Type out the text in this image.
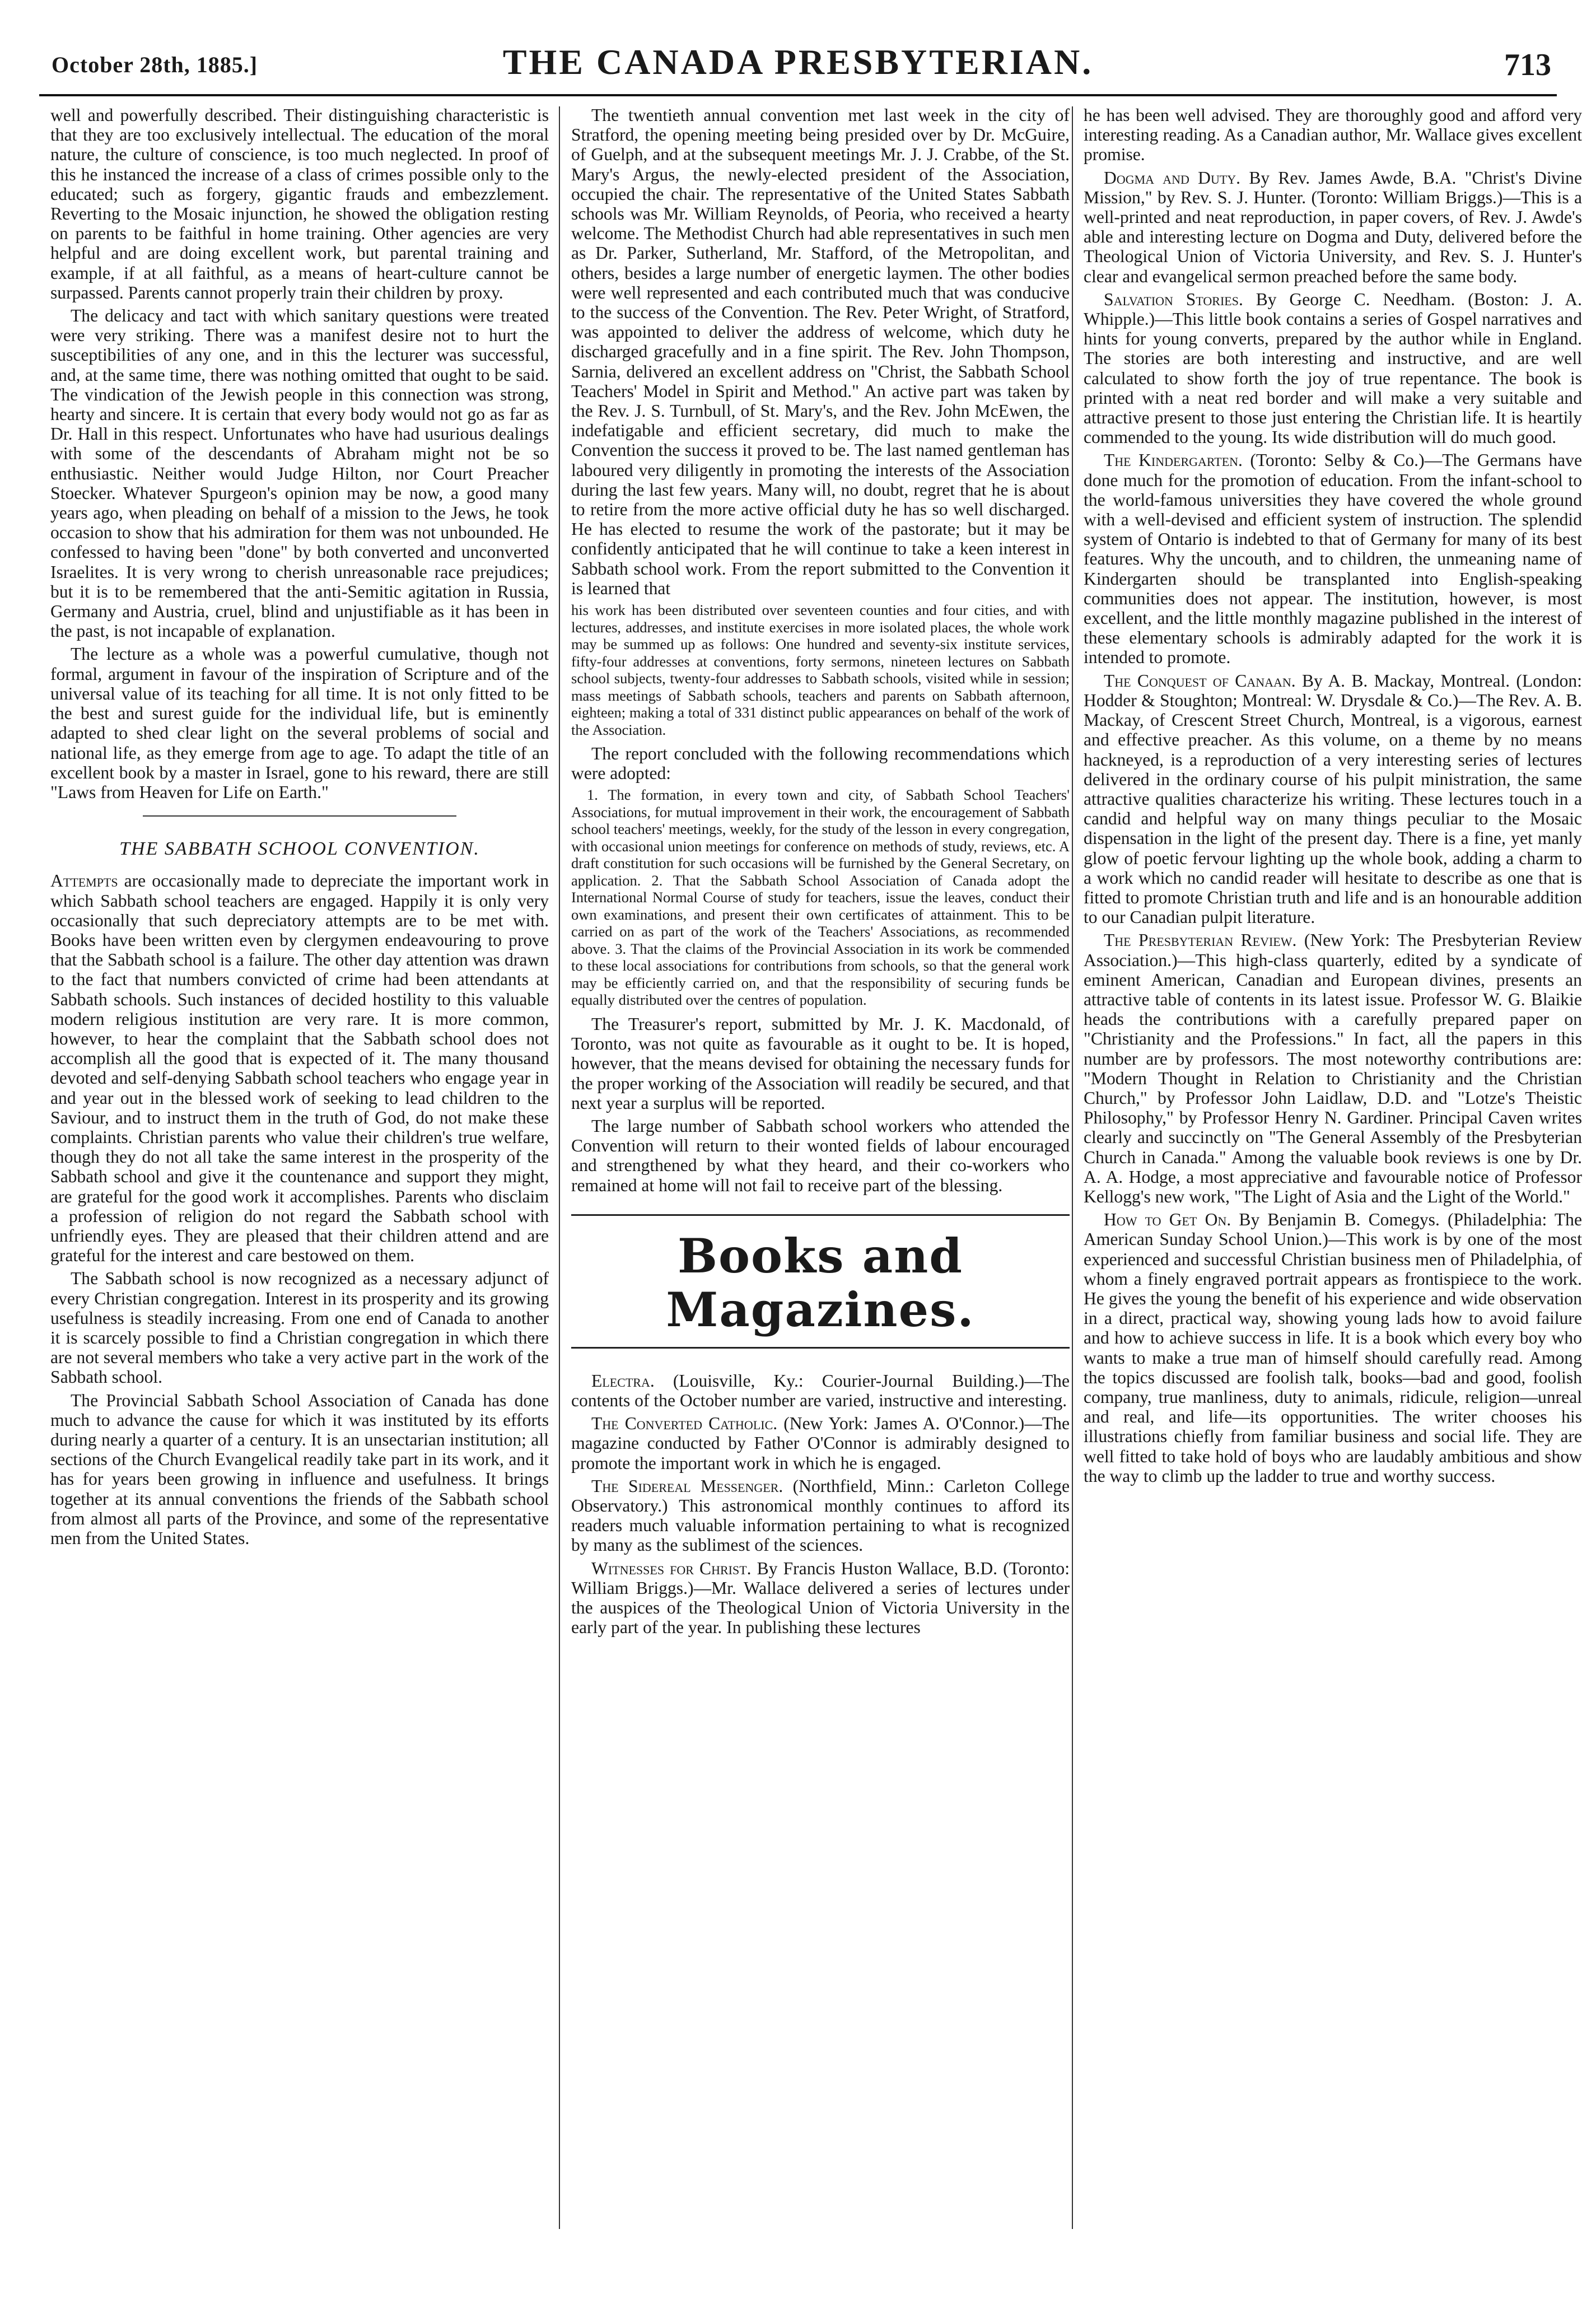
October 28th, 1885.]	THE CANADA PRESBYTERIAN.	713

well and powerfully described. Their distinguishing characteristic is that they are too exclusively intellectual. The education of the moral nature, the culture of conscience, is too much neglected. In proof of this he instanced the increase of a class of crimes possible only to the educated; such as forgery, gigantic frauds and embezzlement. Reverting to the Mosaic injunction, he showed the obligation resting on parents to be faithful in home training. Other agencies are very helpful and are doing excellent work, but parental training and example, if at all faithful, as a means of heart-culture cannot be surpassed. Parents cannot properly train their children by proxy.

The delicacy and tact with which sanitary questions were treated were very striking. There was a manifest desire not to hurt the susceptibilities of any one, and in this the lecturer was successful, and, at the same time, there was nothing omitted that ought to be said. The vindication of the Jewish people in this connection was strong, hearty and sincere. It is certain that every body would not go as far as Dr. Hall in this respect. Unfortunates who have had usurious dealings with some of the descendants of Abraham might not be so enthusiastic. Neither would Judge Hilton, nor Court Preacher Stoecker. Whatever Spurgeon's opinion may be now, a good many years ago, when pleading on behalf of a mission to the Jews, he took occasion to show that his admiration for them was not unbounded. He confessed to having been "done" by both converted and unconverted Israelites. It is very wrong to cherish unreasonable race prejudices; but it is to be remembered that the anti-Semitic agitation in Russia, Germany and Austria, cruel, blind and unjustifiable as it has been in the past, is not incapable of explanation.

The lecture as a whole was a powerful cumulative, though not formal, argument in favour of the inspiration of Scripture and of the universal value of its teaching for all time. It is not only fitted to be the best and surest guide for the individual life, but is eminently adapted to shed clear light on the several problems of social and national life, as they emerge from age to age. To adapt the title of an excellent book by a master in Israel, gone to his reward, there are still "Laws from Heaven for Life on Earth."

THE SABBATH SCHOOL CONVENTION.

Attempts are occasionally made to depreciate the important work in which Sabbath school teachers are engaged. Happily it is only very occasionally that such depreciatory attempts are to be met with. Books have been written even by clergymen endeavouring to prove that the Sabbath school is a failure. The other day attention was drawn to the fact that numbers convicted of crime had been attendants at Sabbath schools. Such instances of decided hostility to this valuable modern religious institution are very rare. It is more common, however, to hear the complaint that the Sabbath school does not accomplish all the good that is expected of it. The many thousand devoted and self-denying Sabbath school teachers who engage year in and year out in the blessed work of seeking to lead children to the Saviour, and to instruct them in the truth of God, do not make these complaints. Christian parents who value their children's true welfare, though they do not all take the same interest in the prosperity of the Sabbath school and give it the countenance and support they might, are grateful for the good work it accomplishes. Parents who disclaim a profession of religion do not regard the Sabbath school with unfriendly eyes. They are pleased that their children attend and are grateful for the interest and care bestowed on them.

The Sabbath school is now recognized as a necessary adjunct of every Christian congregation. Interest in its prosperity and its growing usefulness is steadily increasing. From one end of Canada to another it is scarcely possible to find a Christian congregation in which there are not several members who take a very active part in the work of the Sabbath school.

The Provincial Sabbath School Association of Canada has done much to advance the cause for which it was instituted by its efforts during nearly a quarter of a century. It is an unsectarian institution; all sections of the Church Evangelical readily take part in its work, and it has for years been growing in influence and usefulness. It brings together at its annual conventions the friends of the Sabbath school from almost all parts of the Province, and some of the representative men from the United States.

The twentieth annual convention met last week in the city of Stratford, the opening meeting being presided over by Dr. McGuire, of Guelph, and at the subsequent meetings Mr. J. J. Crabbe, of the St. Mary's Argus, the newly-elected president of the Association, occupied the chair. The representative of the United States Sabbath schools was Mr. William Reynolds, of Peoria, who received a hearty welcome. The Methodist Church had able representatives in such men as Dr. Parker, Sutherland, Mr. Stafford, of the Metropolitan, and others, besides a large number of energetic laymen. The other bodies were well represented and each contributed much that was conducive to the success of the Convention. The Rev. Peter Wright, of Stratford, was appointed to deliver the address of welcome, which duty he discharged gracefully and in a fine spirit. The Rev. John Thompson, Sarnia, delivered an excellent address on "Christ, the Sabbath School Teachers' Model in Spirit and Method." An active part was taken by the Rev. J. S. Turnbull, of St. Mary's, and the Rev. John McEwen, the indefatigable and efficient secretary, did much to make the Convention the success it proved to be. The last named gentleman has laboured very diligently in promoting the interests of the Association during the last few years. Many will, no doubt, regret that he is about to retire from the more active official duty he has so well discharged. He has elected to resume the work of the pastorate; but it may be confidently anticipated that he will continue to take a keen interest in Sabbath school work. From the report submitted to the Convention it is learned that

his work has been distributed over seventeen counties and four cities, and with lectures, addresses, and institute exercises in more isolated places, the whole work may be summed up as follows: One hundred and seventy-six institute services, fifty-four addresses at conventions, forty sermons, nineteen lectures on Sabbath school subjects, twenty-four addresses to Sabbath schools, visited while in session; mass meetings of Sabbath schools, teachers and parents on Sabbath afternoon, eighteen; making a total of 331 distinct public appearances on behalf of the work of the Association.

The report concluded with the following recommendations which were adopted:

1. The formation, in every town and city, of Sabbath School Teachers' Associations, for mutual improvement in their work, the encouragement of Sabbath school teachers' meetings, weekly, for the study of the lesson in every congregation, with occasional union meetings for conference on methods of study, reviews, etc. A draft constitution for such occasions will be furnished by the General Secretary, on application. 2. That the Sabbath School Association of Canada adopt the International Normal Course of study for teachers, issue the leaves, conduct their own examinations, and present their own certificates of attainment. This to be carried on as part of the work of the Teachers' Associations, as recommended above. 3. That the claims of the Provincial Association in its work be commended to these local associations for contributions from schools, so that the general work may be efficiently carried on, and that the responsibility of securing funds be equally distributed over the centres of population.

The Treasurer's report, submitted by Mr. J. K. Macdonald, of Toronto, was not quite as favourable as it ought to be. It is hoped, however, that the means devised for obtaining the necessary funds for the proper working of the Association will readily be secured, and that next year a surplus will be reported.

The large number of Sabbath school workers who attended the Convention will return to their wonted fields of labour encouraged and strengthened by what they heard, and their co-workers who remained at home will not fail to receive part of the blessing.

Books and Magazines.

Electra. (Louisville, Ky.: Courier-Journal Building.)—The contents of the October number are varied, instructive and interesting.

The Converted Catholic. (New York: James A. O'Connor.)—The magazine conducted by Father O'Connor is admirably designed to promote the important work in which he is engaged.

The Sidereal Messenger. (Northfield, Minn.: Carleton College Observatory.) This astronomical monthly continues to afford its readers much valuable information pertaining to what is recognized by many as the sublimest of the sciences.

Witnesses for Christ. By Francis Huston Wallace, B.D. (Toronto: William Briggs.)—Mr. Wallace delivered a series of lectures under the auspices of the Theological Union of Victoria University in the early part of the year. In publishing these lectures

he has been well advised. They are thoroughly good and afford very interesting reading. As a Canadian author, Mr. Wallace gives excellent promise.

Dogma and Duty. By Rev. James Awde, B.A. "Christ's Divine Mission," by Rev. S. J. Hunter. (Toronto: William Briggs.)—This is a well-printed and neat reproduction, in paper covers, of Rev. J. Awde's able and interesting lecture on Dogma and Duty, delivered before the Theological Union of Victoria University, and Rev. S. J. Hunter's clear and evangelical sermon preached before the same body.

Salvation Stories. By George C. Needham. (Boston: J. A. Whipple.)—This little book contains a series of Gospel narratives and hints for young converts, prepared by the author while in England. The stories are both interesting and instructive, and are well calculated to show forth the joy of true repentance. The book is printed with a neat red border and will make a very suitable and attractive present to those just entering the Christian life. It is heartily commended to the young. Its wide distribution will do much good.

The Kindergarten. (Toronto: Selby & Co.)—The Germans have done much for the promotion of education. From the infant-school to the world-famous universities they have covered the whole ground with a well-devised and efficient system of instruction. The splendid system of Ontario is indebted to that of Germany for many of its best features. Why the uncouth, and to children, the unmeaning name of Kindergarten should be transplanted into English-speaking communities does not appear. The institution, however, is most excellent, and the little monthly magazine published in the interest of these elementary schools is admirably adapted for the work it is intended to promote.

The Conquest of Canaan. By A. B. Mackay, Montreal. (London: Hodder & Stoughton; Montreal: W. Drysdale & Co.)—The Rev. A. B. Mackay, of Crescent Street Church, Montreal, is a vigorous, earnest and effective preacher. As this volume, on a theme by no means hackneyed, is a reproduction of a very interesting series of lectures delivered in the ordinary course of his pulpit ministration, the same attractive qualities characterize his writing. These lectures touch in a candid and helpful way on many things peculiar to the Mosaic dispensation in the light of the present day. There is a fine, yet manly glow of poetic fervour lighting up the whole book, adding a charm to a work which no candid reader will hesitate to describe as one that is fitted to promote Christian truth and life and is an honourable addition to our Canadian pulpit literature.

The Presbyterian Review. (New York: The Presbyterian Review Association.)—This high-class quarterly, edited by a syndicate of eminent American, Canadian and European divines, presents an attractive table of contents in its latest issue. Professor W. G. Blaikie heads the contributions with a carefully prepared paper on "Christianity and the Professions." In fact, all the papers in this number are by professors. The most noteworthy contributions are: "Modern Thought in Relation to Christianity and the Christian Church," by Professor John Laidlaw, D.D. and "Lotze's Theistic Philosophy," by Professor Henry N. Gardiner. Principal Caven writes clearly and succinctly on "The General Assembly of the Presbyterian Church in Canada." Among the valuable book reviews is one by Dr. A. A. Hodge, a most appreciative and favourable notice of Professor Kellogg's new work, "The Light of Asia and the Light of the World."

How to Get On. By Benjamin B. Comegys. (Philadelphia: The American Sunday School Union.)—This work is by one of the most experienced and successful Christian business men of Philadelphia, of whom a finely engraved portrait appears as frontispiece to the work. He gives the young the benefit of his experience and wide observation in a direct, practical way, showing young lads how to avoid failure and how to achieve success in life. It is a book which every boy who wants to make a true man of himself should carefully read. Among the topics discussed are foolish talk, books—bad and good, foolish company, true manliness, duty to animals, ridicule, religion—unreal and real, and life—its opportunities. The writer chooses his illustrations chiefly from familiar business and social life. They are well fitted to take hold of boys who are laudably ambitious and show the way to climb up the ladder to true and worthy success.
